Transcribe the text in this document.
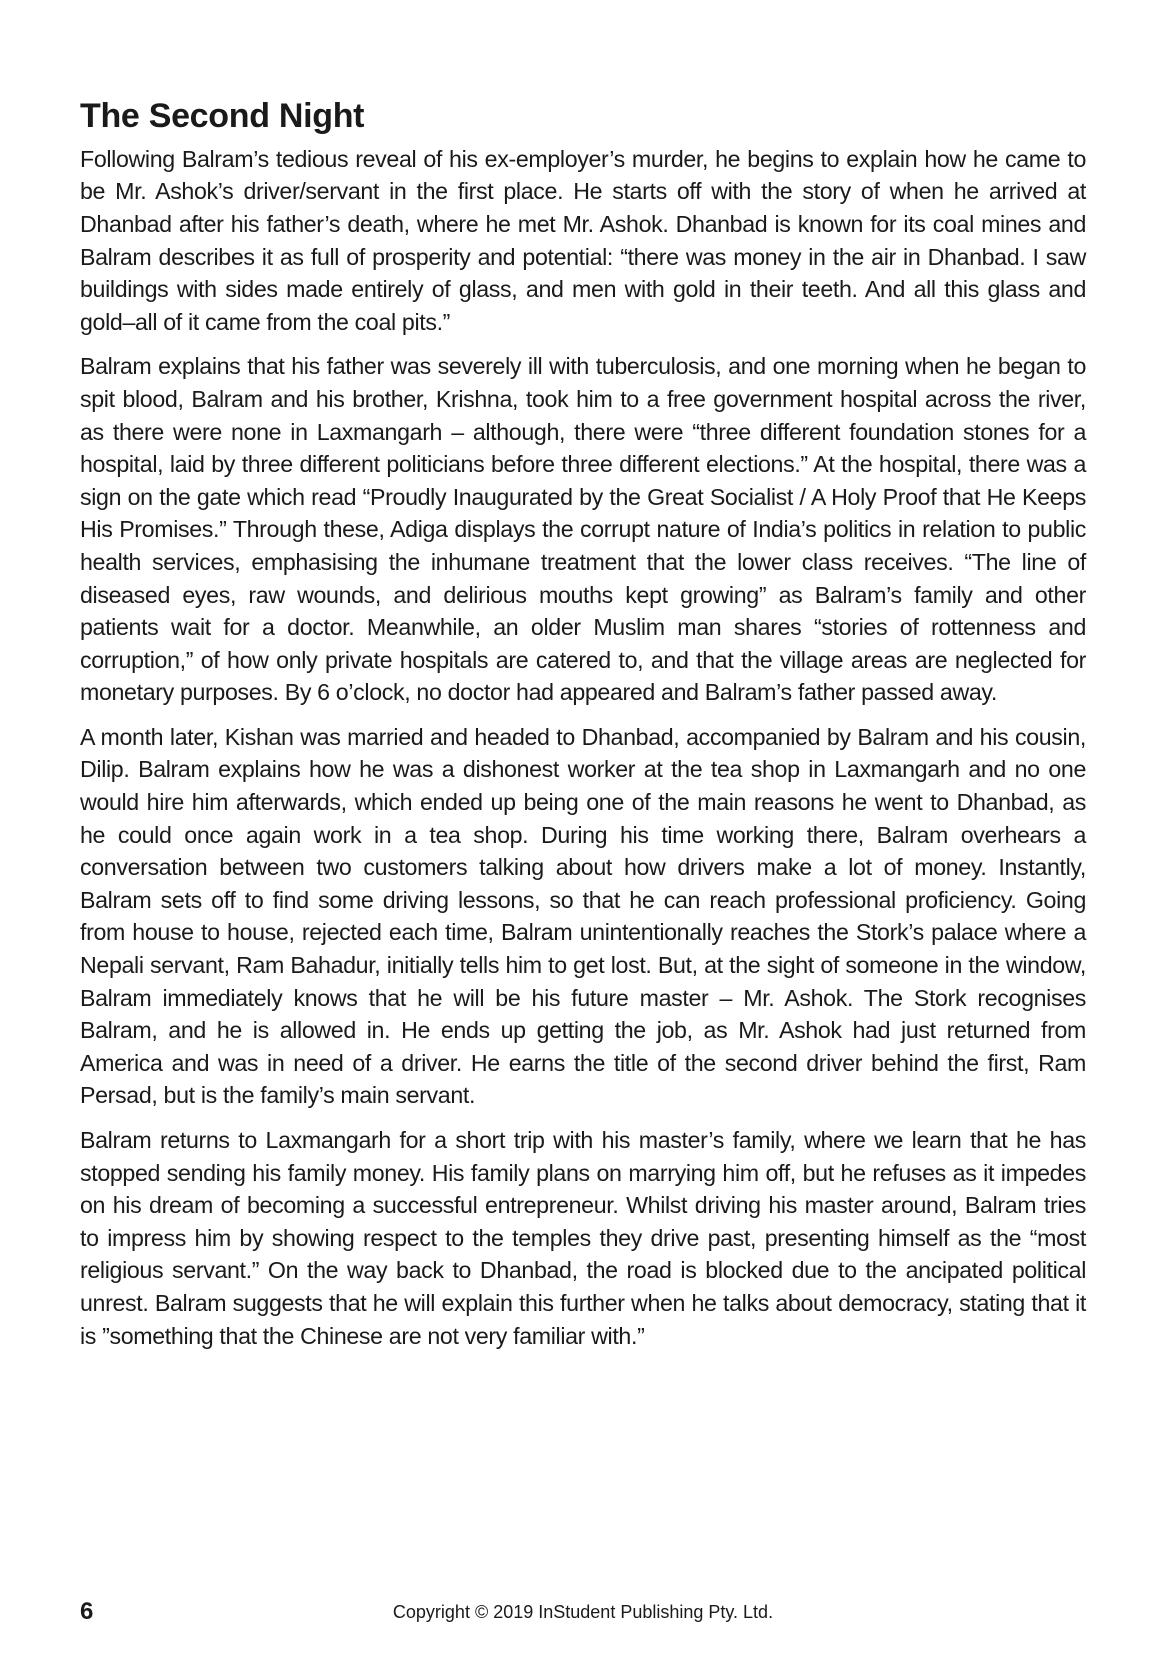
The Second Night

Following Balram’s tedious reveal of his ex-employer’s murder, he begins to explain how he came to be Mr. Ashok’s driver/servant in the first place. He starts off with the story of when he arrived at Dhanbad after his father’s death, where he met Mr. Ashok. Dhanbad is known for its coal mines and Balram describes it as full of prosperity and potential: “there was money in the air in Dhanbad. I saw buildings with sides made entirely of glass, and men with gold in their teeth. And all this glass and gold–all of it came from the coal pits.”

Balram explains that his father was severely ill with tuberculosis, and one morning when he began to spit blood, Balram and his brother, Krishna, took him to a free government hospital across the river, as there were none in Laxmangarh – although, there were “three different foundation stones for a hospital, laid by three different politicians before three different elections.” At the hospital, there was a sign on the gate which read “Proudly Inaugurated by the Great Socialist / A Holy Proof that He Keeps His Promises.” Through these, Adiga displays the corrupt nature of India’s politics in relation to public health services, emphasising the inhumane treatment that the lower class receives. “The line of diseased eyes, raw wounds, and delirious mouths kept growing” as Balram’s family and other patients wait for a doctor. Meanwhile, an older Muslim man shares “stories of rottenness and corruption,” of how only private hospitals are catered to, and that the village areas are neglected for monetary purposes. By 6 o’clock, no doctor had appeared and Balram’s father passed away.

A month later, Kishan was married and headed to Dhanbad, accompanied by Balram and his cousin, Dilip. Balram explains how he was a dishonest worker at the tea shop in Laxmangarh and no one would hire him afterwards, which ended up being one of the main reasons he went to Dhanbad, as he could once again work in a tea shop. During his time working there, Balram overhears a conversation between two customers talking about how drivers make a lot of money. Instantly, Balram sets off to find some driving lessons, so that he can reach professional proficiency. Going from house to house, rejected each time, Balram unintentionally reaches the Stork’s palace where a Nepali servant, Ram Bahadur, initially tells him to get lost. But, at the sight of someone in the window, Balram immediately knows that he will be his future master – Mr. Ashok. The Stork recognises Balram, and he is allowed in. He ends up getting the job, as Mr. Ashok had just returned from America and was in need of a driver. He earns the title of the second driver behind the first, Ram Persad, but is the family’s main servant.

Balram returns to Laxmangarh for a short trip with his master’s family, where we learn that he has stopped sending his family money. His family plans on marrying him off, but he refuses as it impedes on his dream of becoming a successful entrepreneur. Whilst driving his master around, Balram tries to impress him by showing respect to the temples they drive past, presenting himself as the “most religious servant.” On the way back to Dhanbad, the road is blocked due to the ancipated political unrest. Balram suggests that he will explain this further when he talks about democracy, stating that it is ”something that the Chinese are not very familiar with.”

6	Copyright © 2019 InStudent Publishing Pty. Ltd.
